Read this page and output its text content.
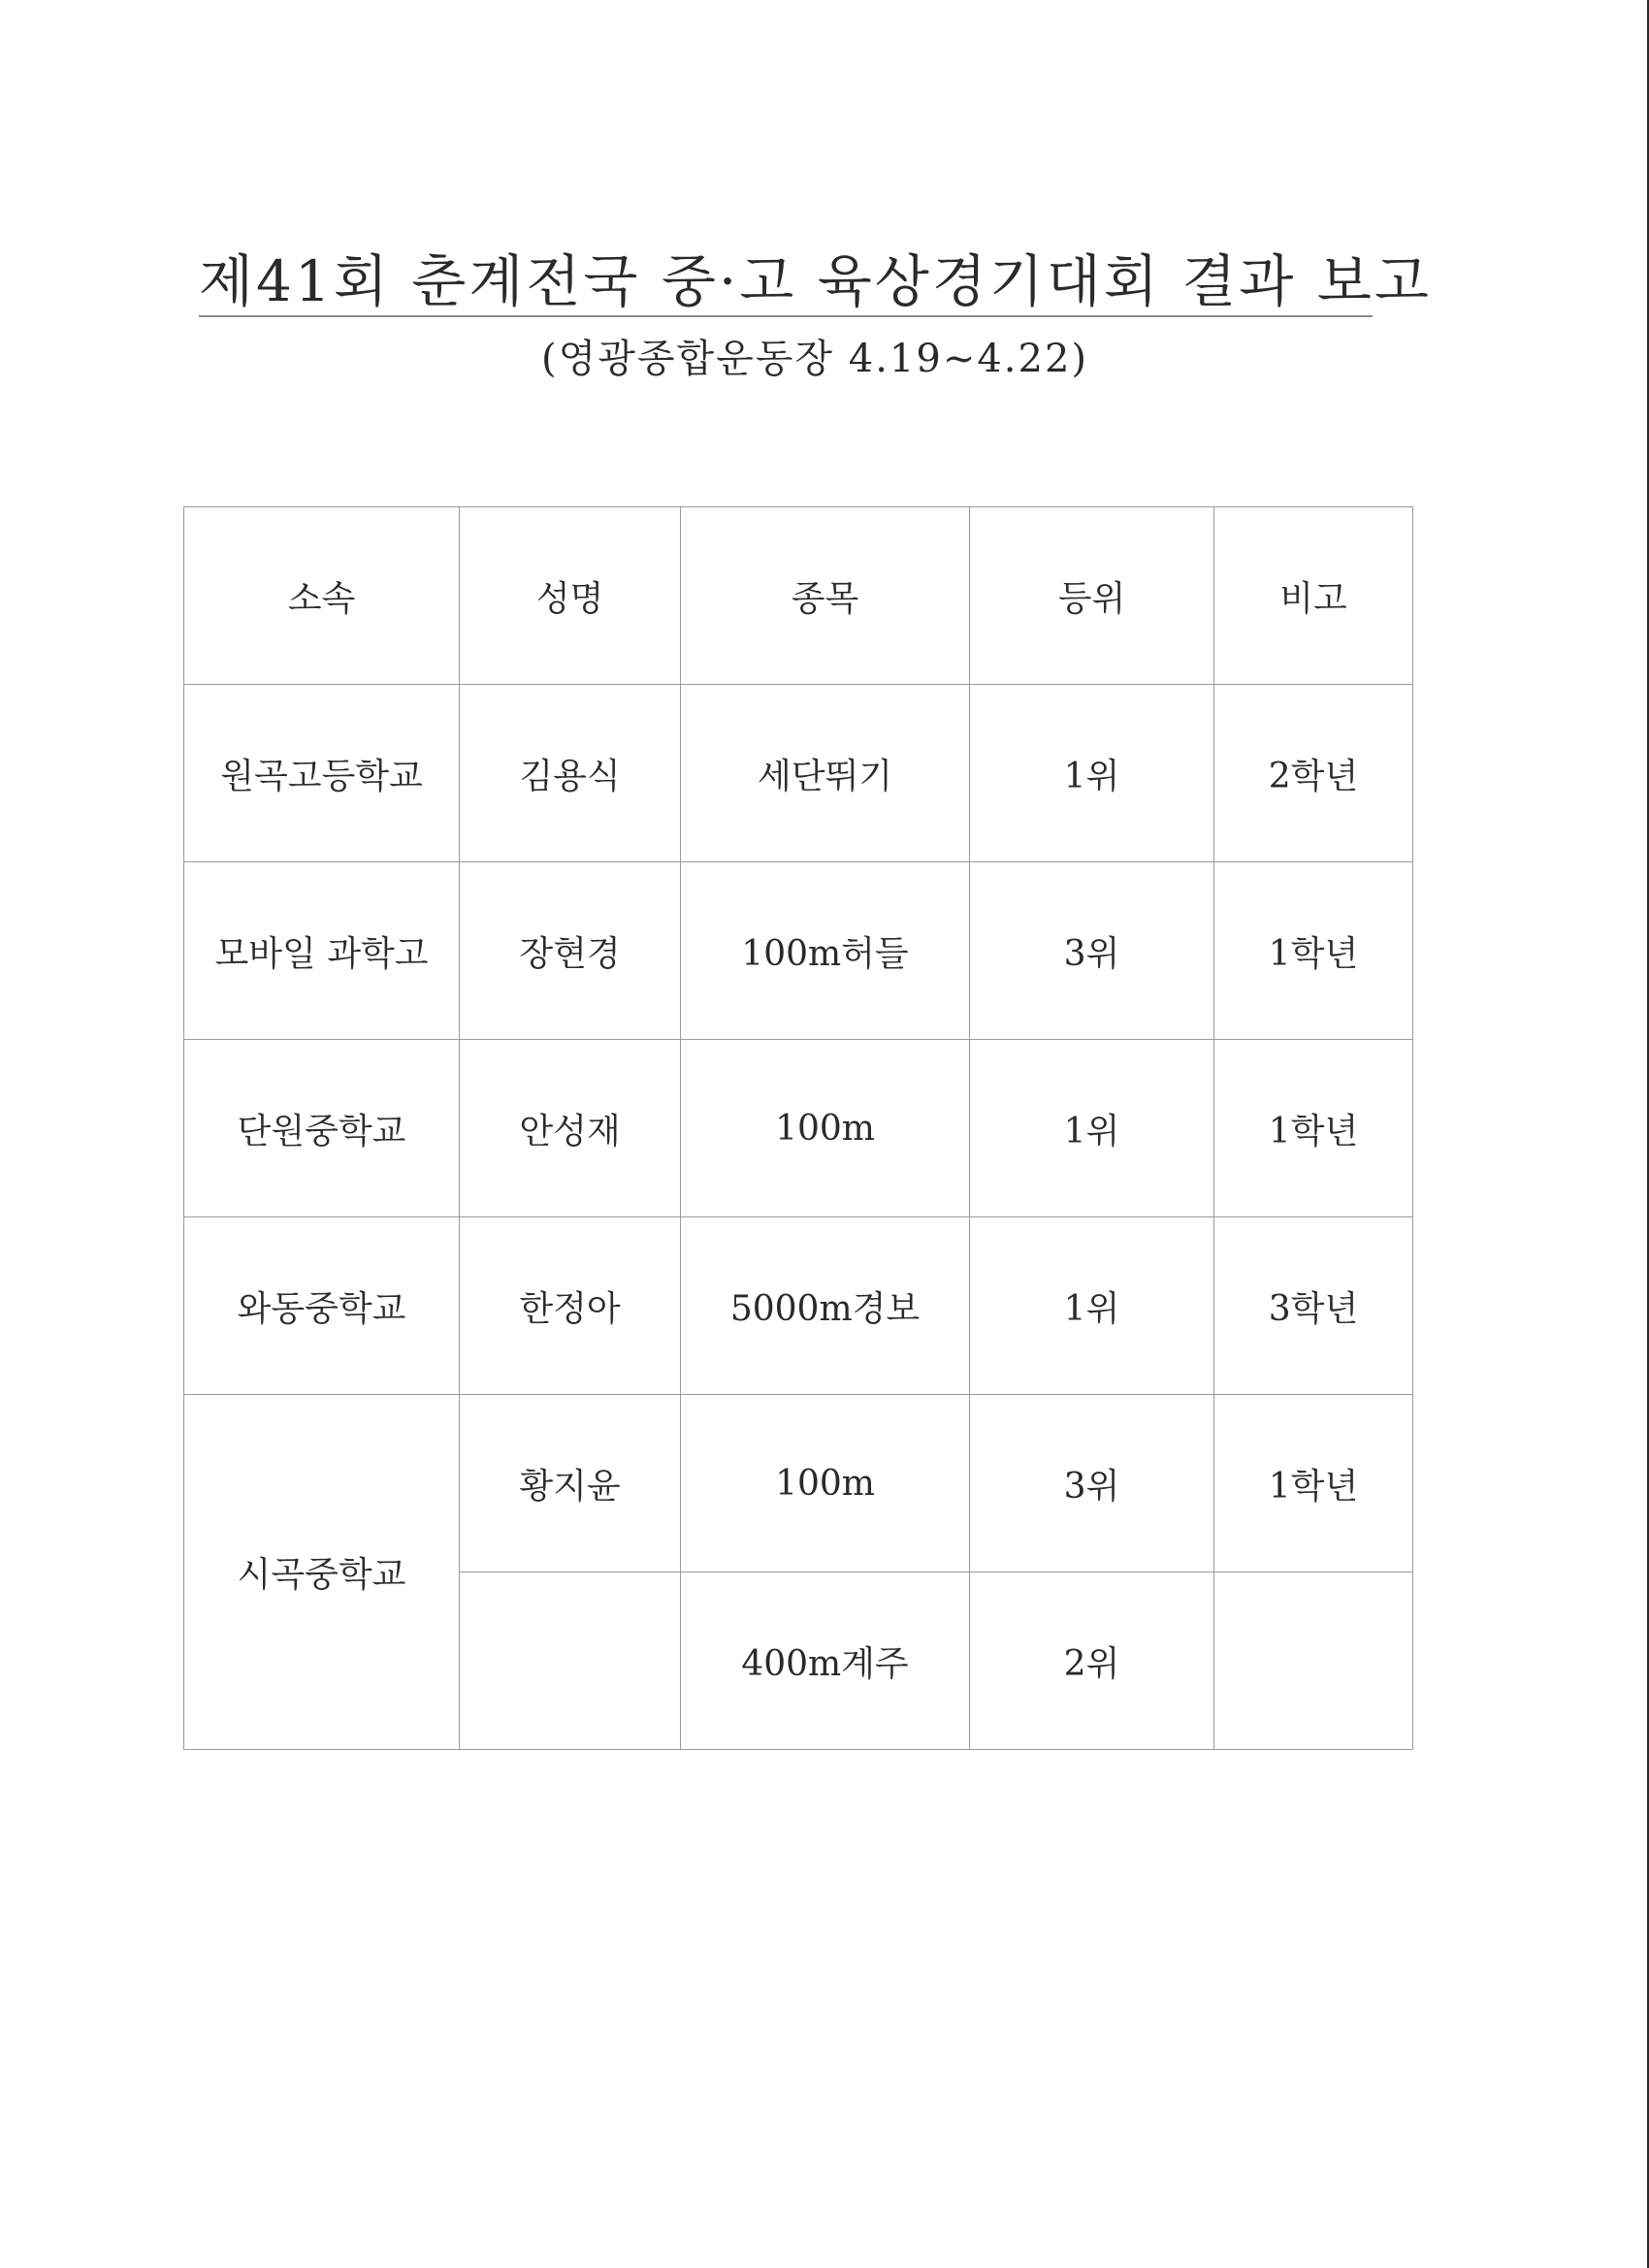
제41회 춘계전국 중·고 육상경기대회 결과 보고
(영광종합운동장 4.19∼4.22)
소속	성명	종목	등위	비고
원곡고등학교	김용식	세단뛰기	1위	2학년
모바일 과학고	장현경	100m허들	3위	1학년
단원중학교	안성재	100m	1위	1학년
와동중학교	한정아	5000m경보	1위	3학년
시곡중학교	황지윤	100m	3위	1학년
		400m계주	2위	
